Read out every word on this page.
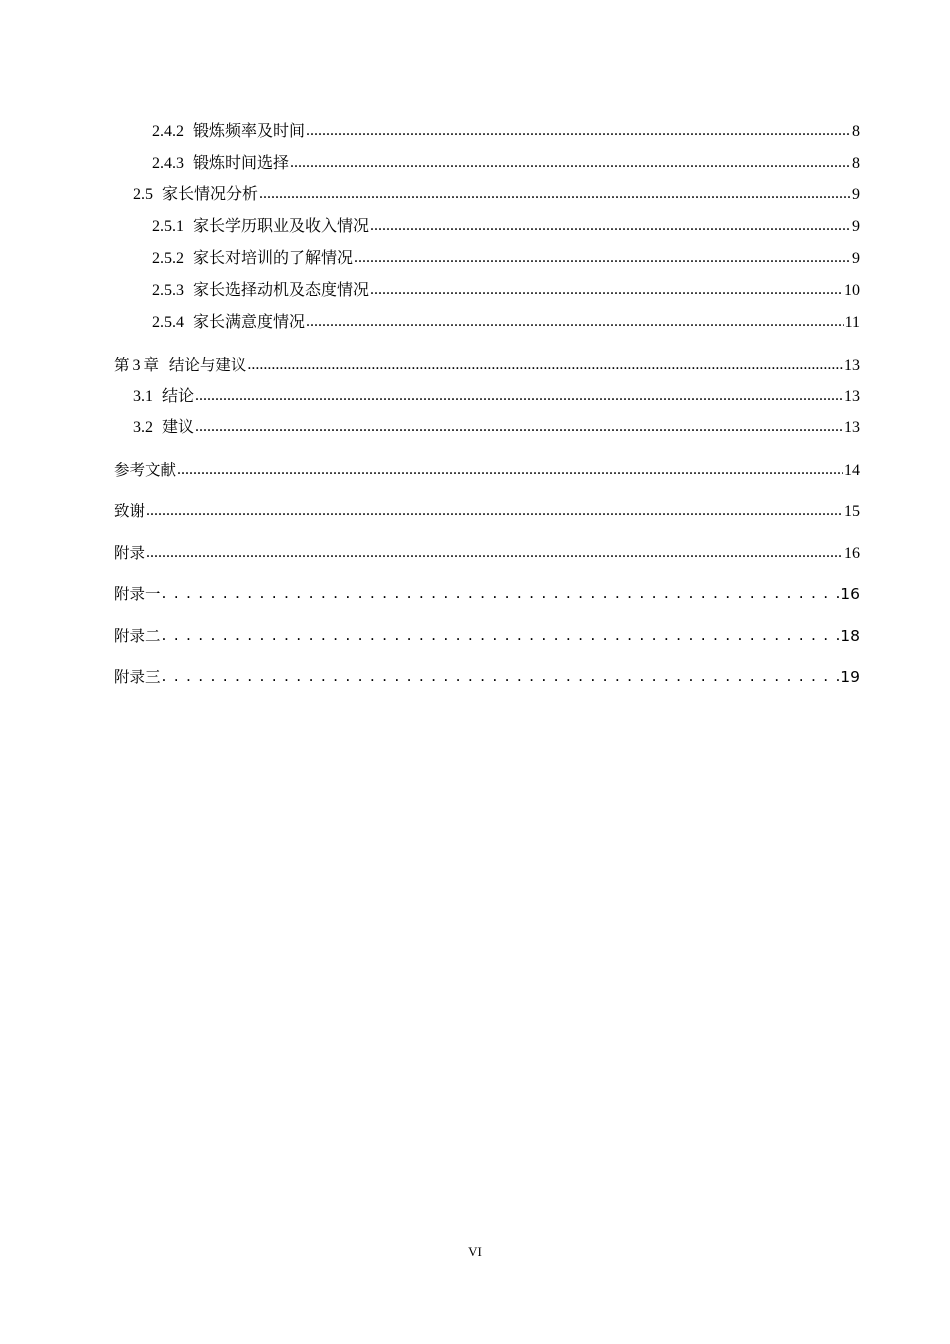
2.4.2 锻炼频率及时间 .....	8
2.4.3 锻炼时间选择 .....	8
2.5 家长情况分析 .....	9
2.5.1 家长学历职业及收入情况 .....	9
2.5.2 家长对培训的了解情况 .....	9
2.5.3 家长选择动机及态度情况 .....	10
2.5.4 家长满意度情况 .....	11
第 3 章  结论与建议 .....	13
3.1 结论 .....	13
3.2 建议 .....	13
参考文献 .....	14
致谢 .....	15
附录 .....	16
附录一 . . .	16
附录二 . . .	18
附录三 . . .	19
VI
